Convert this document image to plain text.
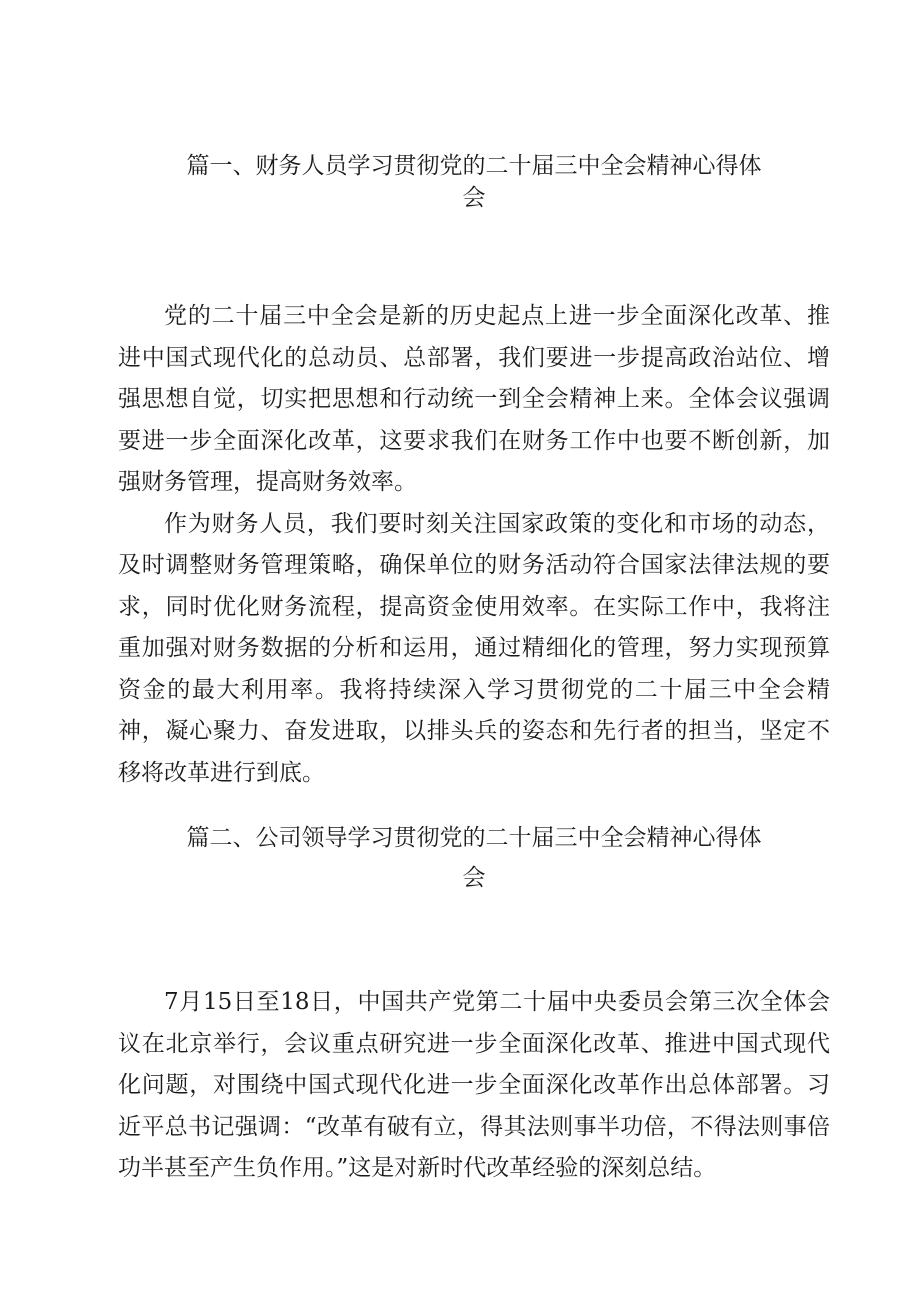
篇一、财务人员学习贯彻党的二十届三中全会精神心得体
会

党的二十届三中全会是新的历史起点上进一步全面深化改革、推进中国式现代化的总动员、总部署，我们要进一步提高政治站位、增强思想自觉，切实把思想和行动统一到全会精神上来。全体会议强调要进一步全面深化改革，这要求我们在财务工作中也要不断创新，加强财务管理，提高财务效率。

作为财务人员，我们要时刻关注国家政策的变化和市场的动态，及时调整财务管理策略，确保单位的财务活动符合国家法律法规的要求，同时优化财务流程，提高资金使用效率。在实际工作中，我将注重加强对财务数据的分析和运用，通过精细化的管理，努力实现预算资金的最大利用率。我将持续深入学习贯彻党的二十届三中全会精神，凝心聚力、奋发进取，以排头兵的姿态和先行者的担当，坚定不移将改革进行到底。

篇二、公司领导学习贯彻党的二十届三中全会精神心得体
会

7月15日至18日，中国共产党第二十届中央委员会第三次全体会议在北京举行，会议重点研究进一步全面深化改革、推进中国式现代化问题，对围绕中国式现代化进一步全面深化改革作出总体部署。习近平总书记强调：“改革有破有立，得其法则事半功倍，不得法则事倍功半甚至产生负作用。”这是对新时代改革经验的深刻总结。
